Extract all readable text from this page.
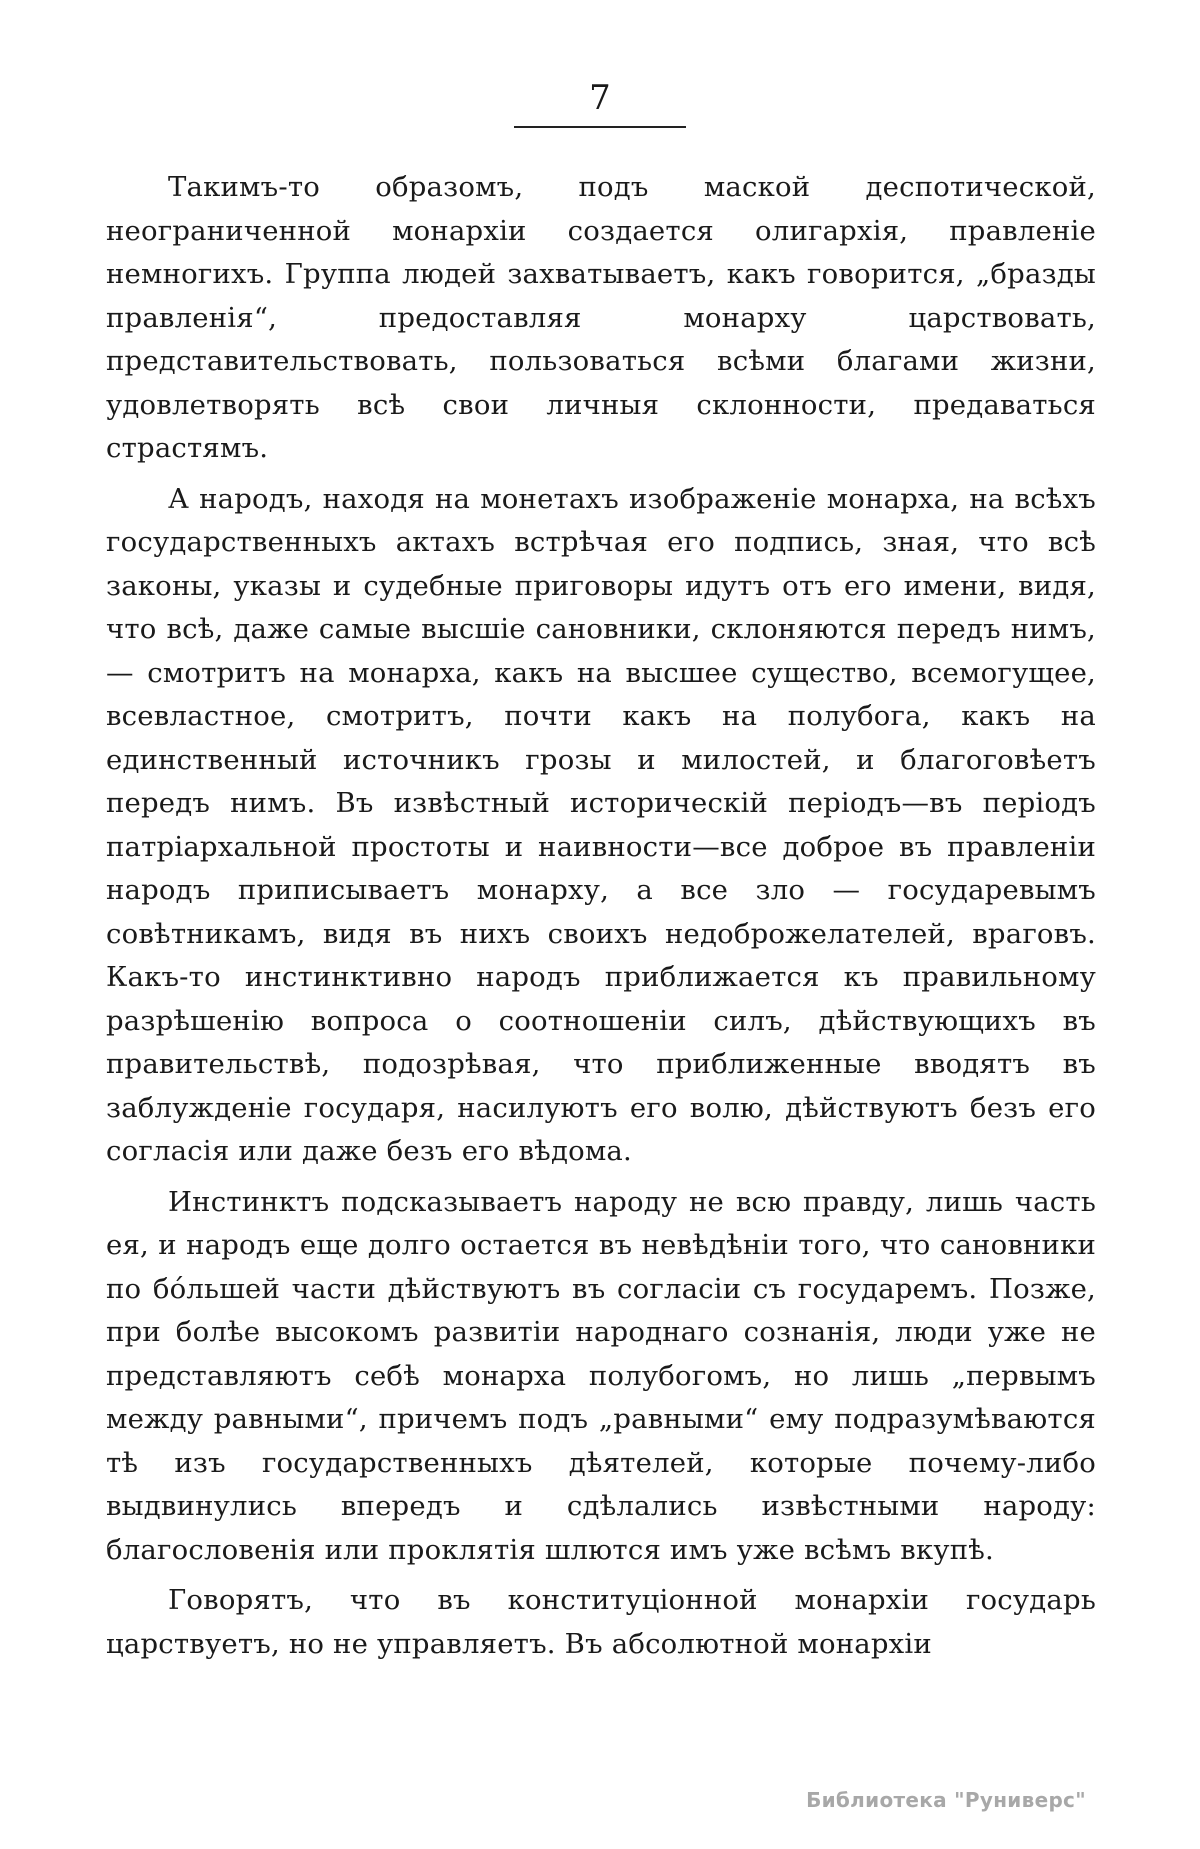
7

Такимъ-то образомъ, подъ маской деспотической, неограниченной монархіи создается олигархія, правленіе немногихъ. Группа людей захватываетъ, какъ говорится, „бразды правленія“, предоставляя монарху царствовать, представительствовать, пользоваться всѣми благами жизни, удовлетворять всѣ свои личныя склонности, предаваться страстямъ.

А народъ, находя на монетахъ изображеніе монарха, на всѣхъ государственныхъ актахъ встрѣчая его подпись, зная, что всѣ законы, указы и судебные приговоры идутъ отъ его имени, видя, что всѣ, даже самые высшіе сановники, склоняются передъ нимъ, — смотритъ на монарха, какъ на высшее существо, всемогущее, всевластное, смотритъ, почти какъ на полубога, какъ на единственный источникъ грозы и милостей, и благоговѣетъ передъ нимъ. Въ извѣстный историческій періодъ—въ періодъ патріархальной простоты и наивности—все доброе въ правленіи народъ приписываетъ монарху, а все зло — государевымъ совѣтникамъ, видя въ нихъ своихъ недоброжелателей, враговъ. Какъ-то инстинктивно народъ приближается къ правильному разрѣшенію вопроса о соотношеніи силъ, дѣйствующихъ въ правительствѣ, подозрѣвая, что приближенные вводятъ въ заблужденіе государя, насилуютъ его волю, дѣйствуютъ безъ его согласія или даже безъ его вѣдома.

Инстинктъ подсказываетъ народу не всю правду, лишь часть ея, и народъ еще долго остается въ невѣдѣніи того, что сановники по бо́льшей части дѣйствуютъ въ согласіи съ государемъ. Позже, при болѣе высокомъ развитіи народнаго сознанія, люди уже не представляютъ себѣ монарха полубогомъ, но лишь „первымъ между равными“, причемъ подъ „равными“ ему подразумѣваются тѣ изъ государственныхъ дѣятелей, которые почему-либо выдвинулись впередъ и сдѣлались извѣстными народу: благословенія или проклятія шлются имъ уже всѣмъ вкупѣ.

Говорятъ, что въ конституціонной монархіи государь царствуетъ, но не управляетъ. Въ абсолютной монархіи

Библиотека "Руниверс"
